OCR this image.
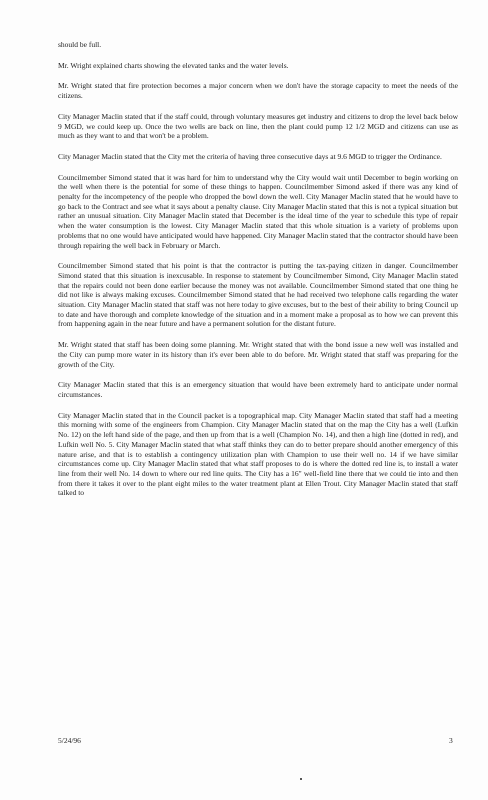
should be full.

Mr. Wright explained charts showing the elevated tanks and the water levels.

Mr. Wright stated that fire protection becomes a major concern when we don't have the storage capacity to meet the needs of the citizens.

City Manager Maclin stated that if the staff could, through voluntary measures get industry and citizens to drop the level back below 9 MGD, we could keep up. Once the two wells are back on line, then the plant could pump 12 1/2 MGD and citizens can use as much as they want to and that won't be a problem.

City Manager Maclin stated that the City met the criteria of having three consecutive days at 9.6 MGD to trigger the Ordinance.

Councilmember Simond stated that it was hard for him to understand why the City would wait until December to begin working on the well when there is the potential for some of these things to happen. Councilmember Simond asked if there was any kind of penalty for the incompetency of the people who dropped the bowl down the well. City Manager Maclin stated that he would have to go back to the Contract and see what it says about a penalty clause. City Manager Maclin stated that this is not a typical situation but rather an unusual situation. City Manager Maclin stated that December is the ideal time of the year to schedule this type of repair when the water consumption is the lowest. City Manager Maclin stated that this whole situation is a variety of problems upon problems that no one would have anticipated would have happened. City Manager Maclin stated that the contractor should have been through repairing the well back in February or March.

Councilmember Simond stated that his point is that the contractor is putting the tax-paying citizen in danger. Councilmember Simond stated that this situation is inexcusable. In response to statement by Councilmember Simond, City Manager Maclin stated that the repairs could not been done earlier because the money was not available. Councilmember Simond stated that one thing he did not like is always making excuses. Councilmember Simond stated that he had received two telephone calls regarding the water situation. City Manager Maclin stated that staff was not here today to give excuses, but to the best of their ability to bring Council up to date and have thorough and complete knowledge of the situation and in a moment make a proposal as to how we can prevent this from happening again in the near future and have a permanent solution for the distant future.

Mr. Wright stated that staff has been doing some planning. Mr. Wright stated that with the bond issue a new well was installed and the City can pump more water in its history than it's ever been able to do before. Mr. Wright stated that staff was preparing for the growth of the City.

City Manager Maclin stated that this is an emergency situation that would have been extremely hard to anticipate under normal circumstances.

City Manager Maclin stated that in the Council packet is a topographical map. City Manager Maclin stated that staff had a meeting this morning with some of the engineers from Champion. City Manager Maclin stated that on the map the City has a well (Lufkin No. 12) on the left hand side of the page, and then up from that is a well (Champion No. 14), and then a high line (dotted in red), and Lufkin well No. 5. City Manager Maclin stated that what staff thinks they can do to better prepare should another emergency of this nature arise, and that is to establish a contingency utilization plan with Champion to use their well no. 14 if we have similar circumstances come up. City Manager Maclin stated that what staff proposes to do is where the dotted red line is, to install a water line from their well No. 14 down to where our red line quits. The City has a 16" well-field line there that we could tie into and then from there it takes it over to the plant eight miles to the water treatment plant at Ellen Trout. City Manager Maclin stated that staff talked to

5/24/96	3
